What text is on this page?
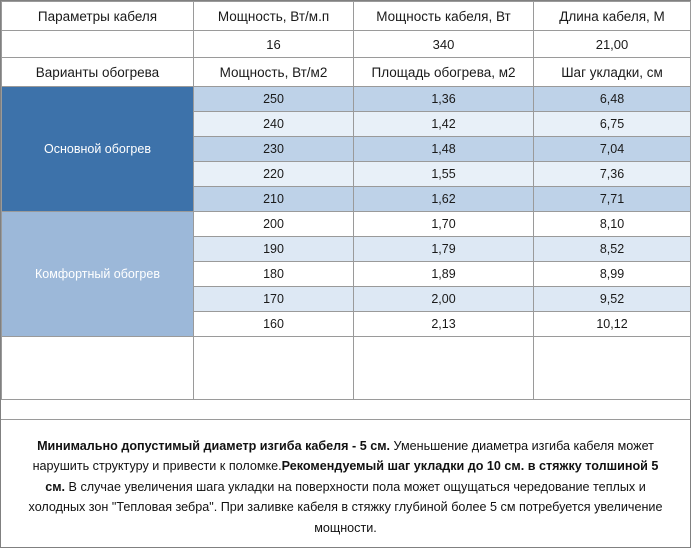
Параметры кабеля	Мощность, Вт/м.п	Мощность кабеля, Вт	Длина кабеля, М
	16	340	21,00
Варианты обогрева	Мощность, Вт/м2	Площадь обогрева, м2	Шаг укладки, см
Основной обогрев	250	1,36	6,48
	240	1,42	6,75
	230	1,48	7,04
	220	1,55	7,36
	210	1,62	7,71
Комфортный обогрев	200	1,70	8,10
	190	1,79	8,52
	180	1,89	8,99
	170	2,00	9,52
	160	2,13	10,12

Минимально допустимый диаметр изгиба кабеля - 5 см. Уменьшение диаметра изгиба кабеля может нарушить структуру и привести к поломке.Рекомендуемый шаг укладки до 10 см. в стяжку толшиной 5 см. В случае увеличения шага укладки на поверхности пола может ощущаться чередование теплых и холодных зон "Тепловая зебра". При заливке кабеля в стяжку глубиной более 5 см потребуется увеличение мощности.
